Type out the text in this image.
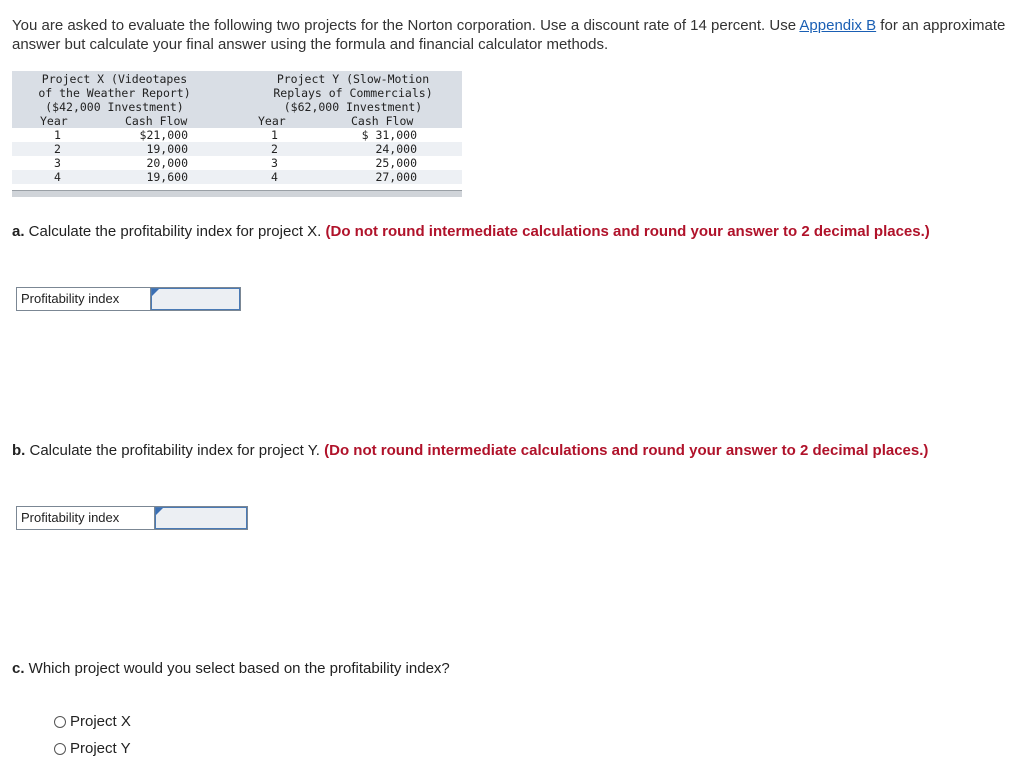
You are asked to evaluate the following two projects for the Norton corporation. Use a discount rate of 14 percent. Use Appendix B for an approximate answer but calculate your final answer using the formula and financial calculator methods.
Project X (Videotapes
of the Weather Report)
($42,000 Investment)
Project Y (Slow-Motion
Replays of Commercials)
($62,000 Investment)
Year	Cash Flow	Year	Cash Flow
1	$21,000	1	$ 31,000
2	19,000	2	24,000
3	20,000	3	25,000
4	19,600	4	27,000
a. Calculate the profitability index for project X. (Do not round intermediate calculations and round your answer to 2 decimal places.)
Profitability index
b. Calculate the profitability index for project Y. (Do not round intermediate calculations and round your answer to 2 decimal places.)
Profitability index
c. Which project would you select based on the profitability index?
Project X
Project Y
